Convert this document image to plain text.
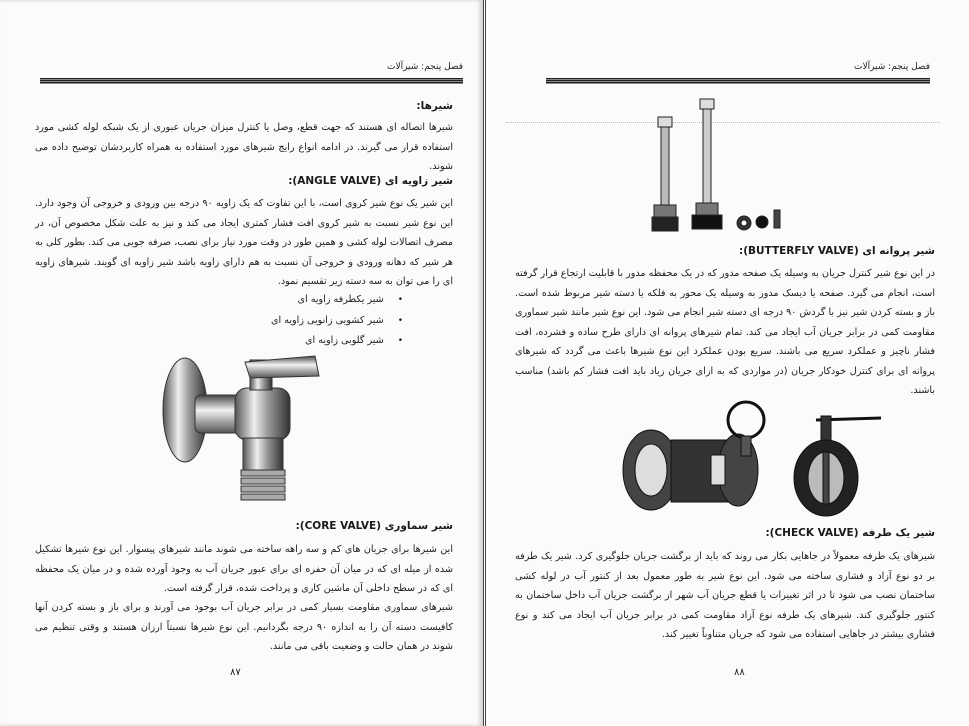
فصل پنجم: شیرآلات
شیرها:
شیرها اتصاله ای هستند که جهت قطع، وصل یا کنترل میزان جریان عبوری از یک شبکه لوله کشی مورد استفاده قرار می گیرند. در ادامه انواع رایج شیرهای مورد استفاده به همراه کاربردشان توضیح داده می شوند.
شیر زاویه ای (ANGLE VALVE):
این شیر یک نوع شیر کروی است، با این تفاوت که یک زاویه ۹۰ درجه بین ورودی و خروجی آن وجود دارد. این نوع شیر نسبت به شیر کروی افت فشار کمتری ایجاد می کند و نیز به علت شکل مخصوص آن، در مصرف اتصالات لوله کشی و همین طور در وقت مورد نیاز برای نصب، صرفه جویی می کند. بطور کلی به هر شیر که دهانه ورودی و خروجی آن نسبت به هم دارای زاویه باشد شیر زاویه ای گویند. شیرهای زاویه ای را می توان به سه دسته زیر تقسیم نمود.
• شیر یکطرفه زاویه ای
• شیر کشویی زانویی زاویه ای
• شیر گلوبی زاویه ای
شیر سماوری (CORE VALVE):
این شیرها برای جریان های کم و سه راهه ساخته می شوند مانند شیرهای پیسوار. این نوع شیرها تشکیل شده از میله ای که در میان آن حفره ای برای عبور جریان آب به وجود آورده شده و در میان یک محفظه ای که در سطح داخلی آن ماشین کاری و پرداخت شده، قرار گرفته است.
شیرهای سماوری مقاومت بسیار کمی در برابر جریان آب بوجود می آورند و برای باز و بسته کردن آنها کافیست دسته آن را به اندازه ۹۰ درجه بگردانیم. این نوع شیرها نسبتاً ارزان هستند و وقتی تنظیم می شوند در همان حالت و وضعیت باقی می مانند.
۸۷
فصل پنجم: شیرآلات
شیر پروانه ای (BUTTERFLY VALVE):
در این نوع شیر کنترل جریان به وسیله یک صفحه مدور که در یک محفظه مدور با قابلیت ارتجاع قرار گرفته است، انجام می گیرد. صفحه یا دیسک مدور به وسیله یک محور به فلکه یا دسته شیر مربوط شده است. باز و بسته کردن شیر نیز با گردش ۹۰ درجه ای دسته شیر انجام می شود. این نوع شیر مانند شیر سماوری مقاومت کمی در برابر جریان آب ایجاد می کند. تمام شیرهای پروانه ای دارای طرح ساده و فشرده، افت فشار ناچیز و عملکرد سریع می باشند. سریع بودن عملکرد این نوع شیرها باعث می گردد که شیرهای پروانه ای برای کنترل خودکار جریان (در مواردی که به ازای جریان زیاد باید افت فشار کم باشد) مناسب باشند.
شیر یک طرفه (CHECK VALVE):
شیرهای یک طرفه معمولاً در جاهایی بکار می روند که باید از برگشت جریان جلوگیری کرد. شیر یک طرفه بر دو نوع آزاد و فشاری ساخته می شود. این نوع شیر به طور معمول بعد از کنتور آب در لوله کشی ساختمان نصب می شود تا در اثر تغییرات یا قطع جریان آب شهر از برگشت جریان آب داخل ساختمان به کنتور جلوگیری کند. شیرهای یک طرفه نوع آزاد مقاومت کمی در برابر جریان آب ایجاد می کند و نوع فشاری بیشتر در جاهایی استفاده می شود که جریان متناوباً تغییر کند.
۸۸
